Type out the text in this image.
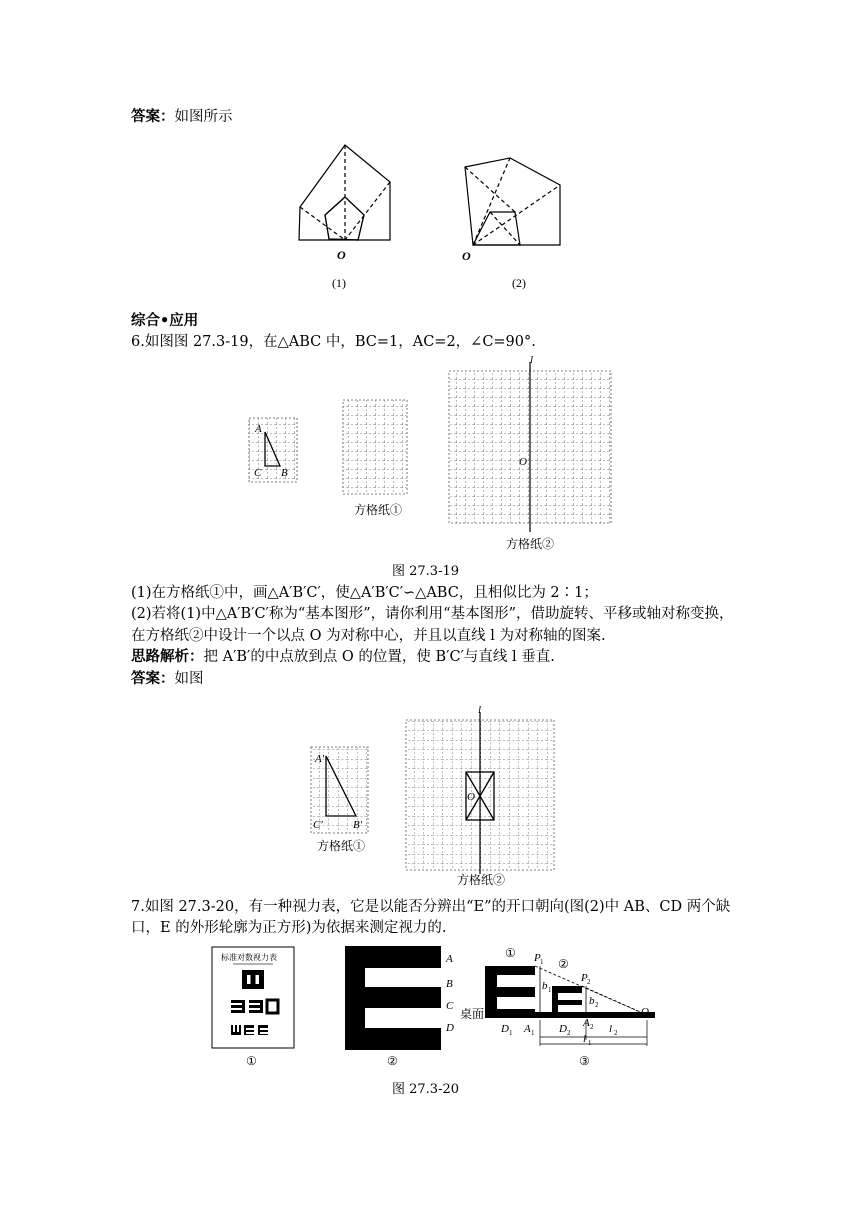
答案：如图所示
O
(1)
O
(2)
综合•应用
6.如图图 27.3-19，在△ABC 中，BC=1，AC=2，∠C=90°.
A
C B
方格纸①
l
O
方格纸②
图 27.3-19
(1)在方格纸①中，画△A′B′C′，使△A′B′C′∽△ABC，且相似比为 2∶1；
(2)若将(1)中△A′B′C′称为“基本图形”，请你利用“基本图形”，借助旋转、平移或轴对称变换，
在方格纸②中设计一个以点 O 为对称中心，并且以直线 l 为对称轴的图案.
思路解析：把 A′B′的中点放到点 O 的位置，使 B′C′与直线 l 垂直.
答案：如图
A′
C′	B′
方格纸①
l
O
方格纸②
7.如图 27.3-20，有一种视力表，它是以能否分辨出“E”的开口朝向(图(2)中 AB、CD 两个缺
口，E 的外形轮廓为正方形)为依据来测定视力的.
标准对数视力表
①
A
B
C
D
②
①
②
P 1
P 2
b 1
b 2
O
桌面
D 1 A 1 D 2
A 2 l 2
l 1
③
图 27.3-20
